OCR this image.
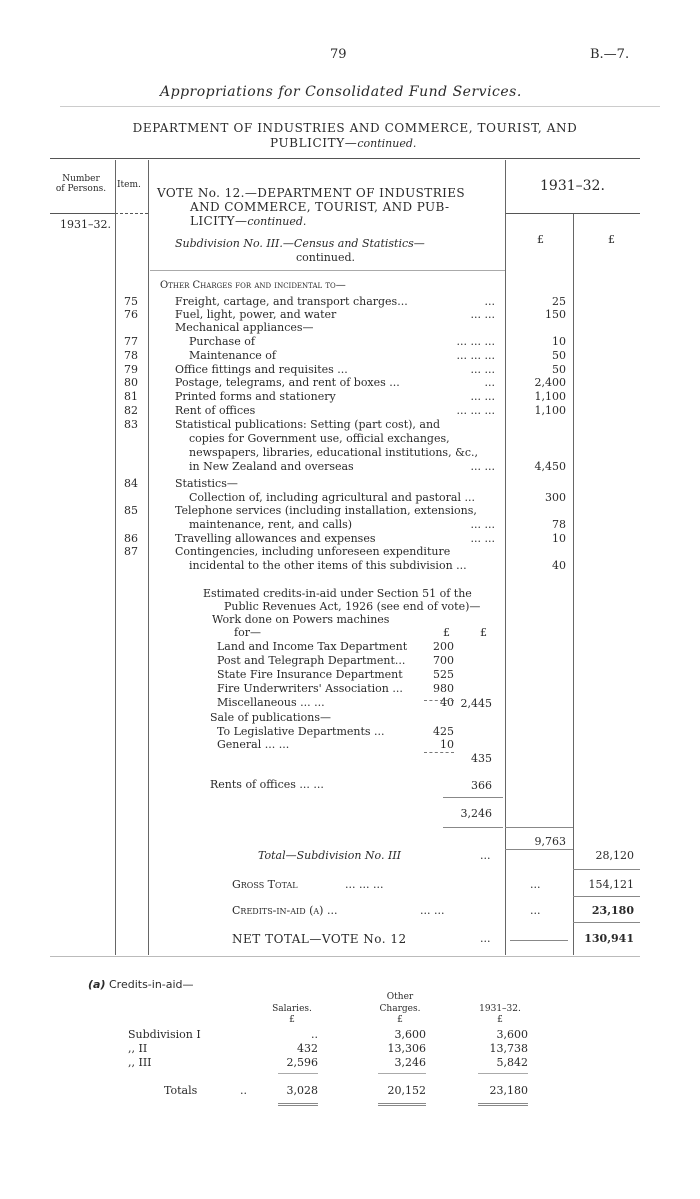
79	B.—7.
Appropriations for Consolidated Fund Services.
DEPARTMENT OF INDUSTRIES AND COMMERCE, TOURIST, AND
PUBLICITY—continued.
Number
of Persons.	Item.
1931–32.
1931–32.
£	£
VOTE No. 12.—DEPARTMENT OF INDUSTRIES
AND COMMERCE, TOURIST, AND PUB-
LICITY—continued.
Subdivision No. III.—Census and Statistics—
continued.
Other Charges for and incidental to—
75	Freight, cartage, and transport charges...	...	25
76	Fuel, light, power, and water	... ...	150
Mechanical appliances—
77	Purchase of	... ... ...	10
78	Maintenance of	... ... ...	50
79	Office fittings and requisites ...	... ...	50
80	Postage, telegrams, and rent of boxes ...	...	2,400
81	Printed forms and stationery	... ...	1,100
82	Rent of offices	... ... ...	1,100
83	Statistical publications: Setting (part cost), and
copies for Government use, official exchanges,
newspapers, libraries, educational institutions, &c.,
in New Zealand and overseas	... ...	4,450
84	Statistics—
Collection of, including agricultural and pastoral ...	300
85	Telephone services (including installation, extensions,
maintenance, rent, and calls)	... ...	78
86	Travelling allowances and expenses	... ...	10
87	Contingencies, including unforeseen expenditure
incidental to the other items of this subdivision ...	40
Estimated credits-in-aid under Section 51 of the
Public Revenues Act, 1926 (see end of vote)—
Work done on Powers machines
for—	£	£
Land and Income Tax Department	200
Post and Telegraph Department...	700
State Fire Insurance Department	525
Fire Underwriters' Association ...	980
Miscellaneous ... ...	40 2,445
Sale of publications—
To Legislative Departments ...	425
General ... ...	10
435
Rents of offices ... ...	366
3,246
9,763
Total—Subdivision No. III	...	28,120
Gross Total	... ... ...	...	154,121
Credits-in-aid (a) ...	... ...	...	23,180
NET TOTAL—VOTE No. 12	...	130,941
(a) Credits-in-aid—
Other
Salaries.	Charges.	1931–32.
£	£	£
Subdivision I	..	3,600	3,600
,, II	432	13,306	13,738
,, III	2,596	3,246	5,842
Totals	..	3,028	20,152	23,180
